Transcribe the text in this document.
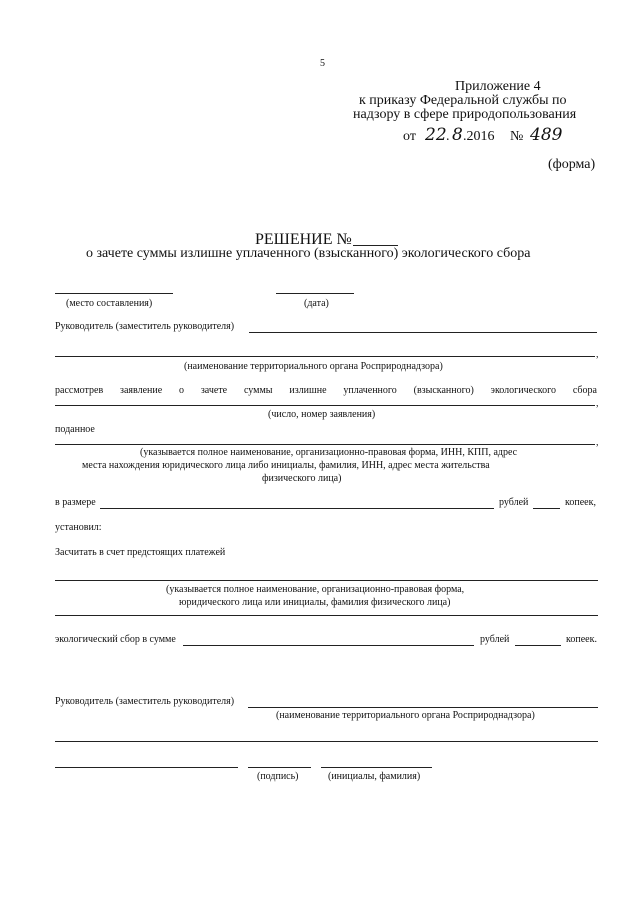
5
Приложение 4
к приказу Федеральной службы по
надзору в сфере природопользования
от 22 . 8 .2016 № 489
(форма)
РЕШЕНИЕ №
о зачете суммы излишне уплаченного (взысканного) экологического сбора
(место составления)	(дата)
Руководитель (заместитель руководителя)
,
(наименование территориального органа Росприроднадзора)
рассмотрев заявление о зачете суммы излишне уплаченного (взысканного) экологического сбора
,
(число, номер заявления)
поданное
,
(указывается полное наименование, организационно-правовая форма, ИНН, КПП, адрес
места нахождения юридического лица либо инициалы, фамилия, ИНН, адрес места жительства
физического лица)
в размере	рублей	копеек,
установил:
Засчитать в счет предстоящих платежей
(указывается полное наименование, организационно-правовая форма,
юридического лица или инициалы, фамилия физического лица)
экологический сбор в сумме	рублей	копеек.
Руководитель (заместитель руководителя)
(наименование территориального органа Росприроднадзора)
(подпись)	(инициалы, фамилия)
